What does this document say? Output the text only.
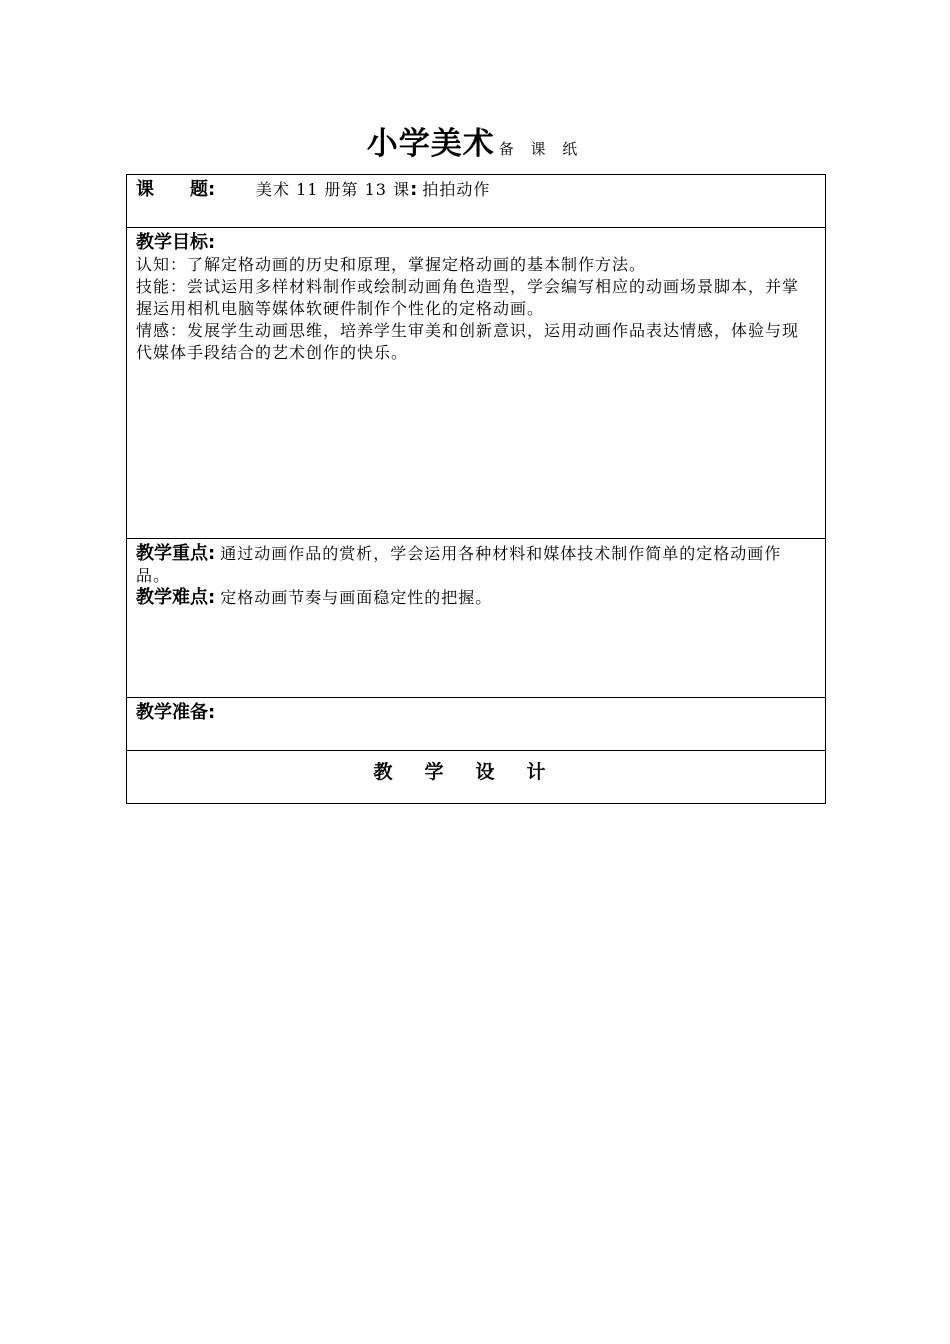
小学美术 备 课 纸
课　　题:	美术 11 册第 13 课: 拍拍动作

教学目标:

认知：了解定格动画的历史和原理，掌握定格动画的基本制作方法。

技能：尝试运用多样材料制作或绘制动画角色造型，学会编写相应的动画场景脚本，并掌握运用相机电脑等媒体软硬件制作个性化的定格动画。

情感：发展学生动画思维，培养学生审美和创新意识，运用动画作品表达情感，体验与现代媒体手段结合的艺术创作的快乐。

教学重点: 通过动画作品的赏析，学会运用各种材料和媒体技术制作简单的定格动画作品。

教学难点: 定格动画节奏与画面稳定性的把握。

教学准备:

教学设计
